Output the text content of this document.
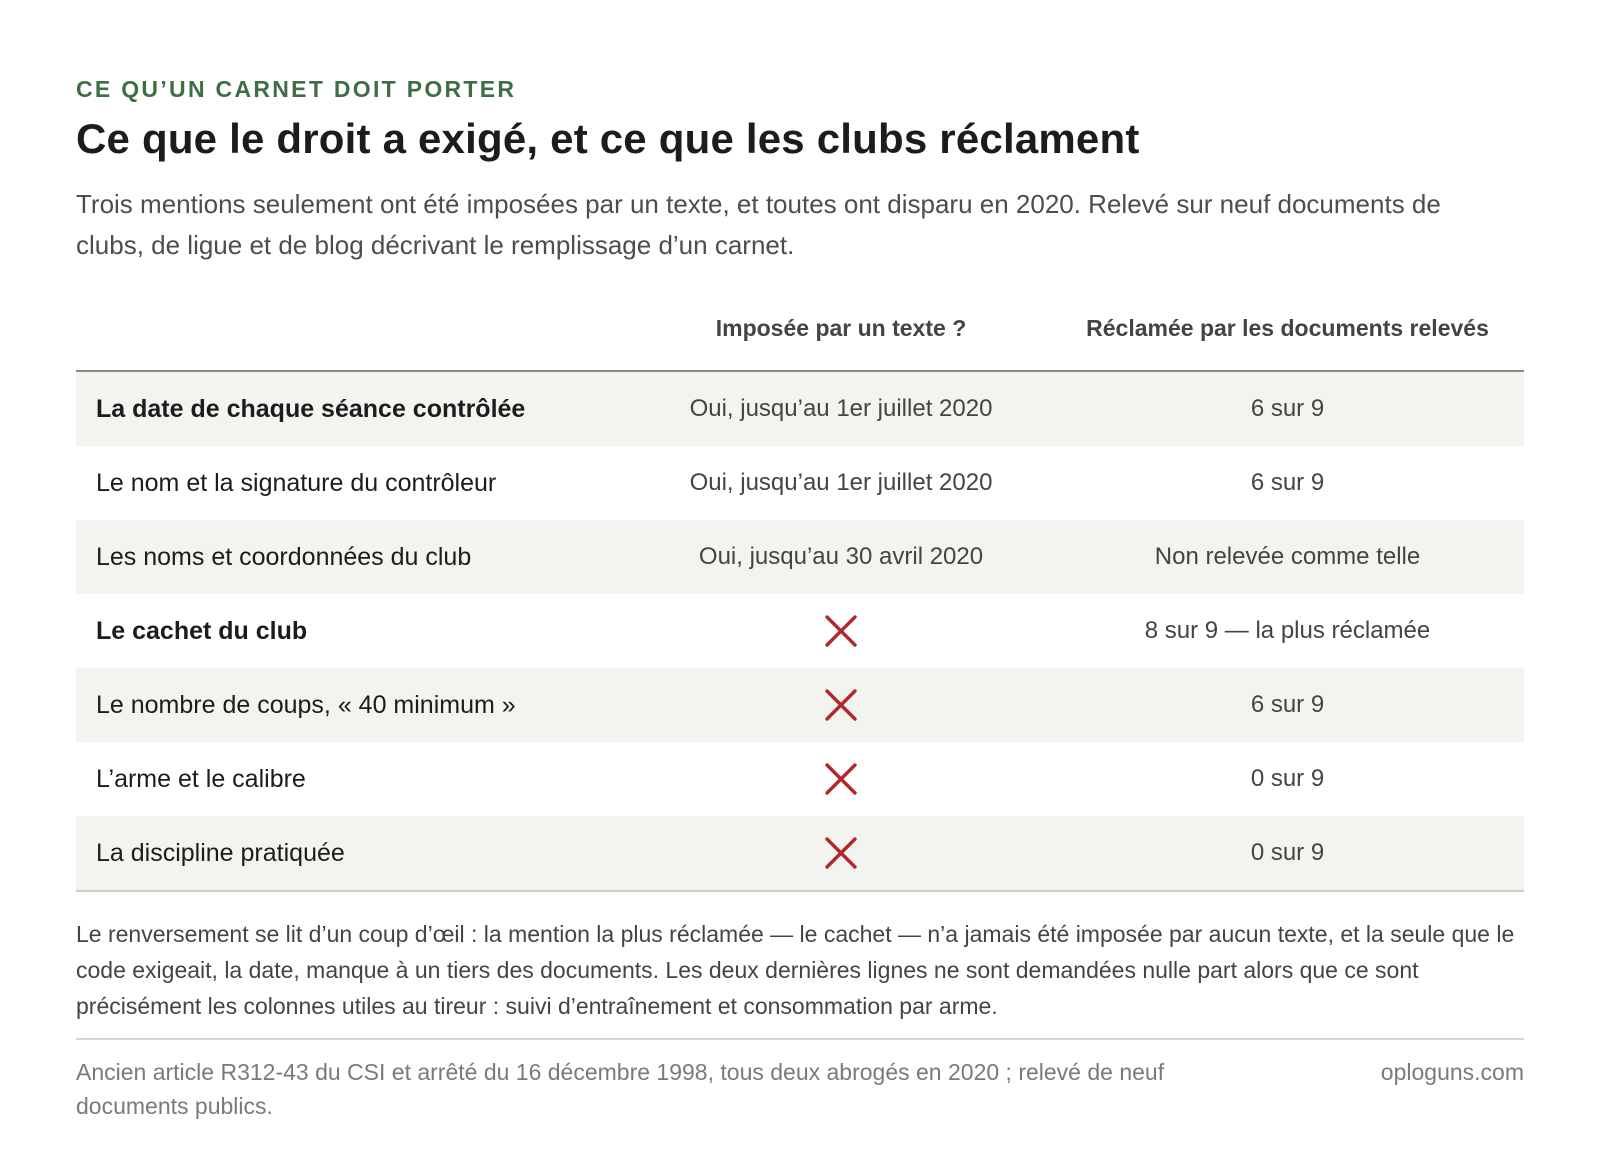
CE QU’UN CARNET DOIT PORTER
Ce que le droit a exigé, et ce que les clubs réclament

Trois mentions seulement ont été imposées par un texte, et toutes ont disparu en 2020. Relevé sur neuf documents de clubs, de ligue et de blog décrivant le remplissage d’un carnet.

	Imposée par un texte ?	Réclamée par les documents relevés
La date de chaque séance contrôlée	Oui, jusqu’au 1er juillet 2020	6 sur 9
Le nom et la signature du contrôleur	Oui, jusqu’au 1er juillet 2020	6 sur 9
Les noms et coordonnées du club	Oui, jusqu’au 30 avril 2020	Non relevée comme telle
Le cachet du club		8 sur 9 — la plus réclamée
Le nombre de coups, « 40 minimum »		6 sur 9
L’arme et le calibre		0 sur 9
La discipline pratiquée		0 sur 9

Le renversement se lit d’un coup d’œil : la mention la plus réclamée — le cachet — n’a jamais été imposée par aucun texte, et la seule que le code exigeait, la date, manque à un tiers des documents. Les deux dernières lignes ne sont demandées nulle part alors que ce sont précisément les colonnes utiles au tireur : suivi d’entraînement et consommation par arme.

Ancien article R312-43 du CSI et arrêté du 16 décembre 1998, tous deux abrogés en 2020 ; relevé de neuf documents publics.
oploguns.com
